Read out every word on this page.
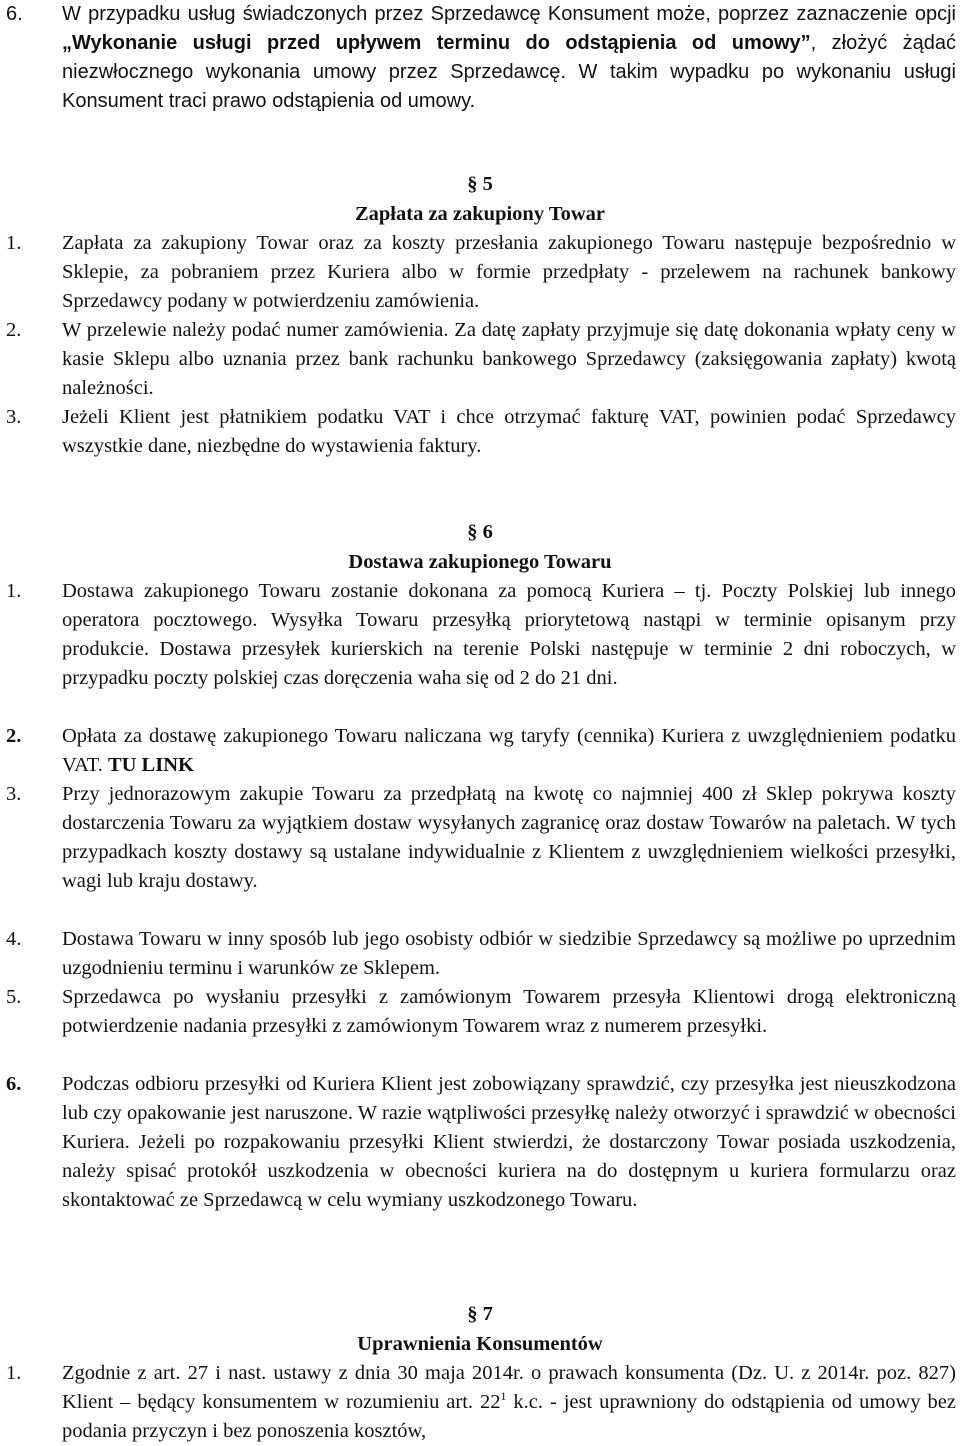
6.	W przypadku usług świadczonych przez Sprzedawcę Konsument może, poprzez zaznaczenie opcji „Wykonanie usługi przed upływem terminu do odstąpienia od umowy”, złożyć żądać niezwłocznego wykonania umowy przez Sprzedawcę. W takim wypadku po wykonaniu usługi Konsument traci prawo odstąpienia od umowy.
§ 5
Zapłata za zakupiony Towar
1.	Zapłata za zakupiony Towar oraz za koszty przesłania zakupionego Towaru następuje bezpośrednio w Sklepie, za pobraniem przez Kuriera albo w formie przedpłaty - przelewem na rachunek bankowy Sprzedawcy podany w potwierdzeniu zamówienia.
2.	W przelewie należy podać numer zamówienia. Za datę zapłaty przyjmuje się datę dokonania wpłaty ceny w kasie Sklepu albo uznania przez bank rachunku bankowego Sprzedawcy (zaksięgowania zapłaty) kwotą należności.
3.	Jeżeli Klient jest płatnikiem podatku VAT i chce otrzymać fakturę VAT, powinien podać Sprzedawcy wszystkie dane, niezbędne do wystawienia faktury.
§ 6
Dostawa zakupionego Towaru
1.	Dostawa zakupionego Towaru zostanie dokonana za pomocą Kuriera – tj. Poczty Polskiej lub innego operatora pocztowego. Wysyłka Towaru przesyłką priorytetową nastąpi w terminie opisanym przy produkcie. Dostawa przesyłek kurierskich na terenie Polski następuje w terminie 2 dni roboczych, w przypadku poczty polskiej czas doręczenia waha się od 2 do 21 dni.
2.	Opłata za dostawę zakupionego Towaru naliczana wg taryfy (cennika) Kuriera z uwzględnieniem podatku VAT. TU LINK
3.	Przy jednorazowym zakupie Towaru za przedpłatą na kwotę co najmniej 400 zł Sklep pokrywa koszty dostarczenia Towaru za wyjątkiem dostaw wysyłanych zagranicę oraz dostaw Towarów na paletach. W tych przypadkach koszty dostawy są ustalane indywidualnie z Klientem z uwzględnieniem wielkości przesyłki, wagi lub kraju dostawy.
4.	Dostawa Towaru w inny sposób lub jego osobisty odbiór w siedzibie Sprzedawcy są możliwe po uprzednim uzgodnieniu terminu i warunków ze Sklepem.
5.	Sprzedawca po wysłaniu przesyłki z zamówionym Towarem przesyła Klientowi drogą elektroniczną potwierdzenie nadania przesyłki z zamówionym Towarem wraz z numerem przesyłki.
6.	Podczas odbioru przesyłki od Kuriera Klient jest zobowiązany sprawdzić, czy przesyłka jest nieuszkodzona lub czy opakowanie jest naruszone. W razie wątpliwości przesyłkę należy otworzyć i sprawdzić w obecności Kuriera. Jeżeli po rozpakowaniu przesyłki Klient stwierdzi, że dostarczony Towar posiada uszkodzenia, należy spisać protokół uszkodzenia w obecności kuriera na do dostępnym u kuriera formularzu oraz skontaktować ze Sprzedawcą w celu wymiany uszkodzonego Towaru.
§ 7
Uprawnienia Konsumentów
1.	Zgodnie z art. 27 i nast. ustawy z dnia 30 maja 2014r. o prawach konsumenta (Dz. U. z 2014r. poz. 827) Klient – będący konsumentem w rozumieniu art. $22^1$ k.c. - jest uprawniony do odstąpienia od umowy bez podania przyczyn i bez ponoszenia kosztów,
